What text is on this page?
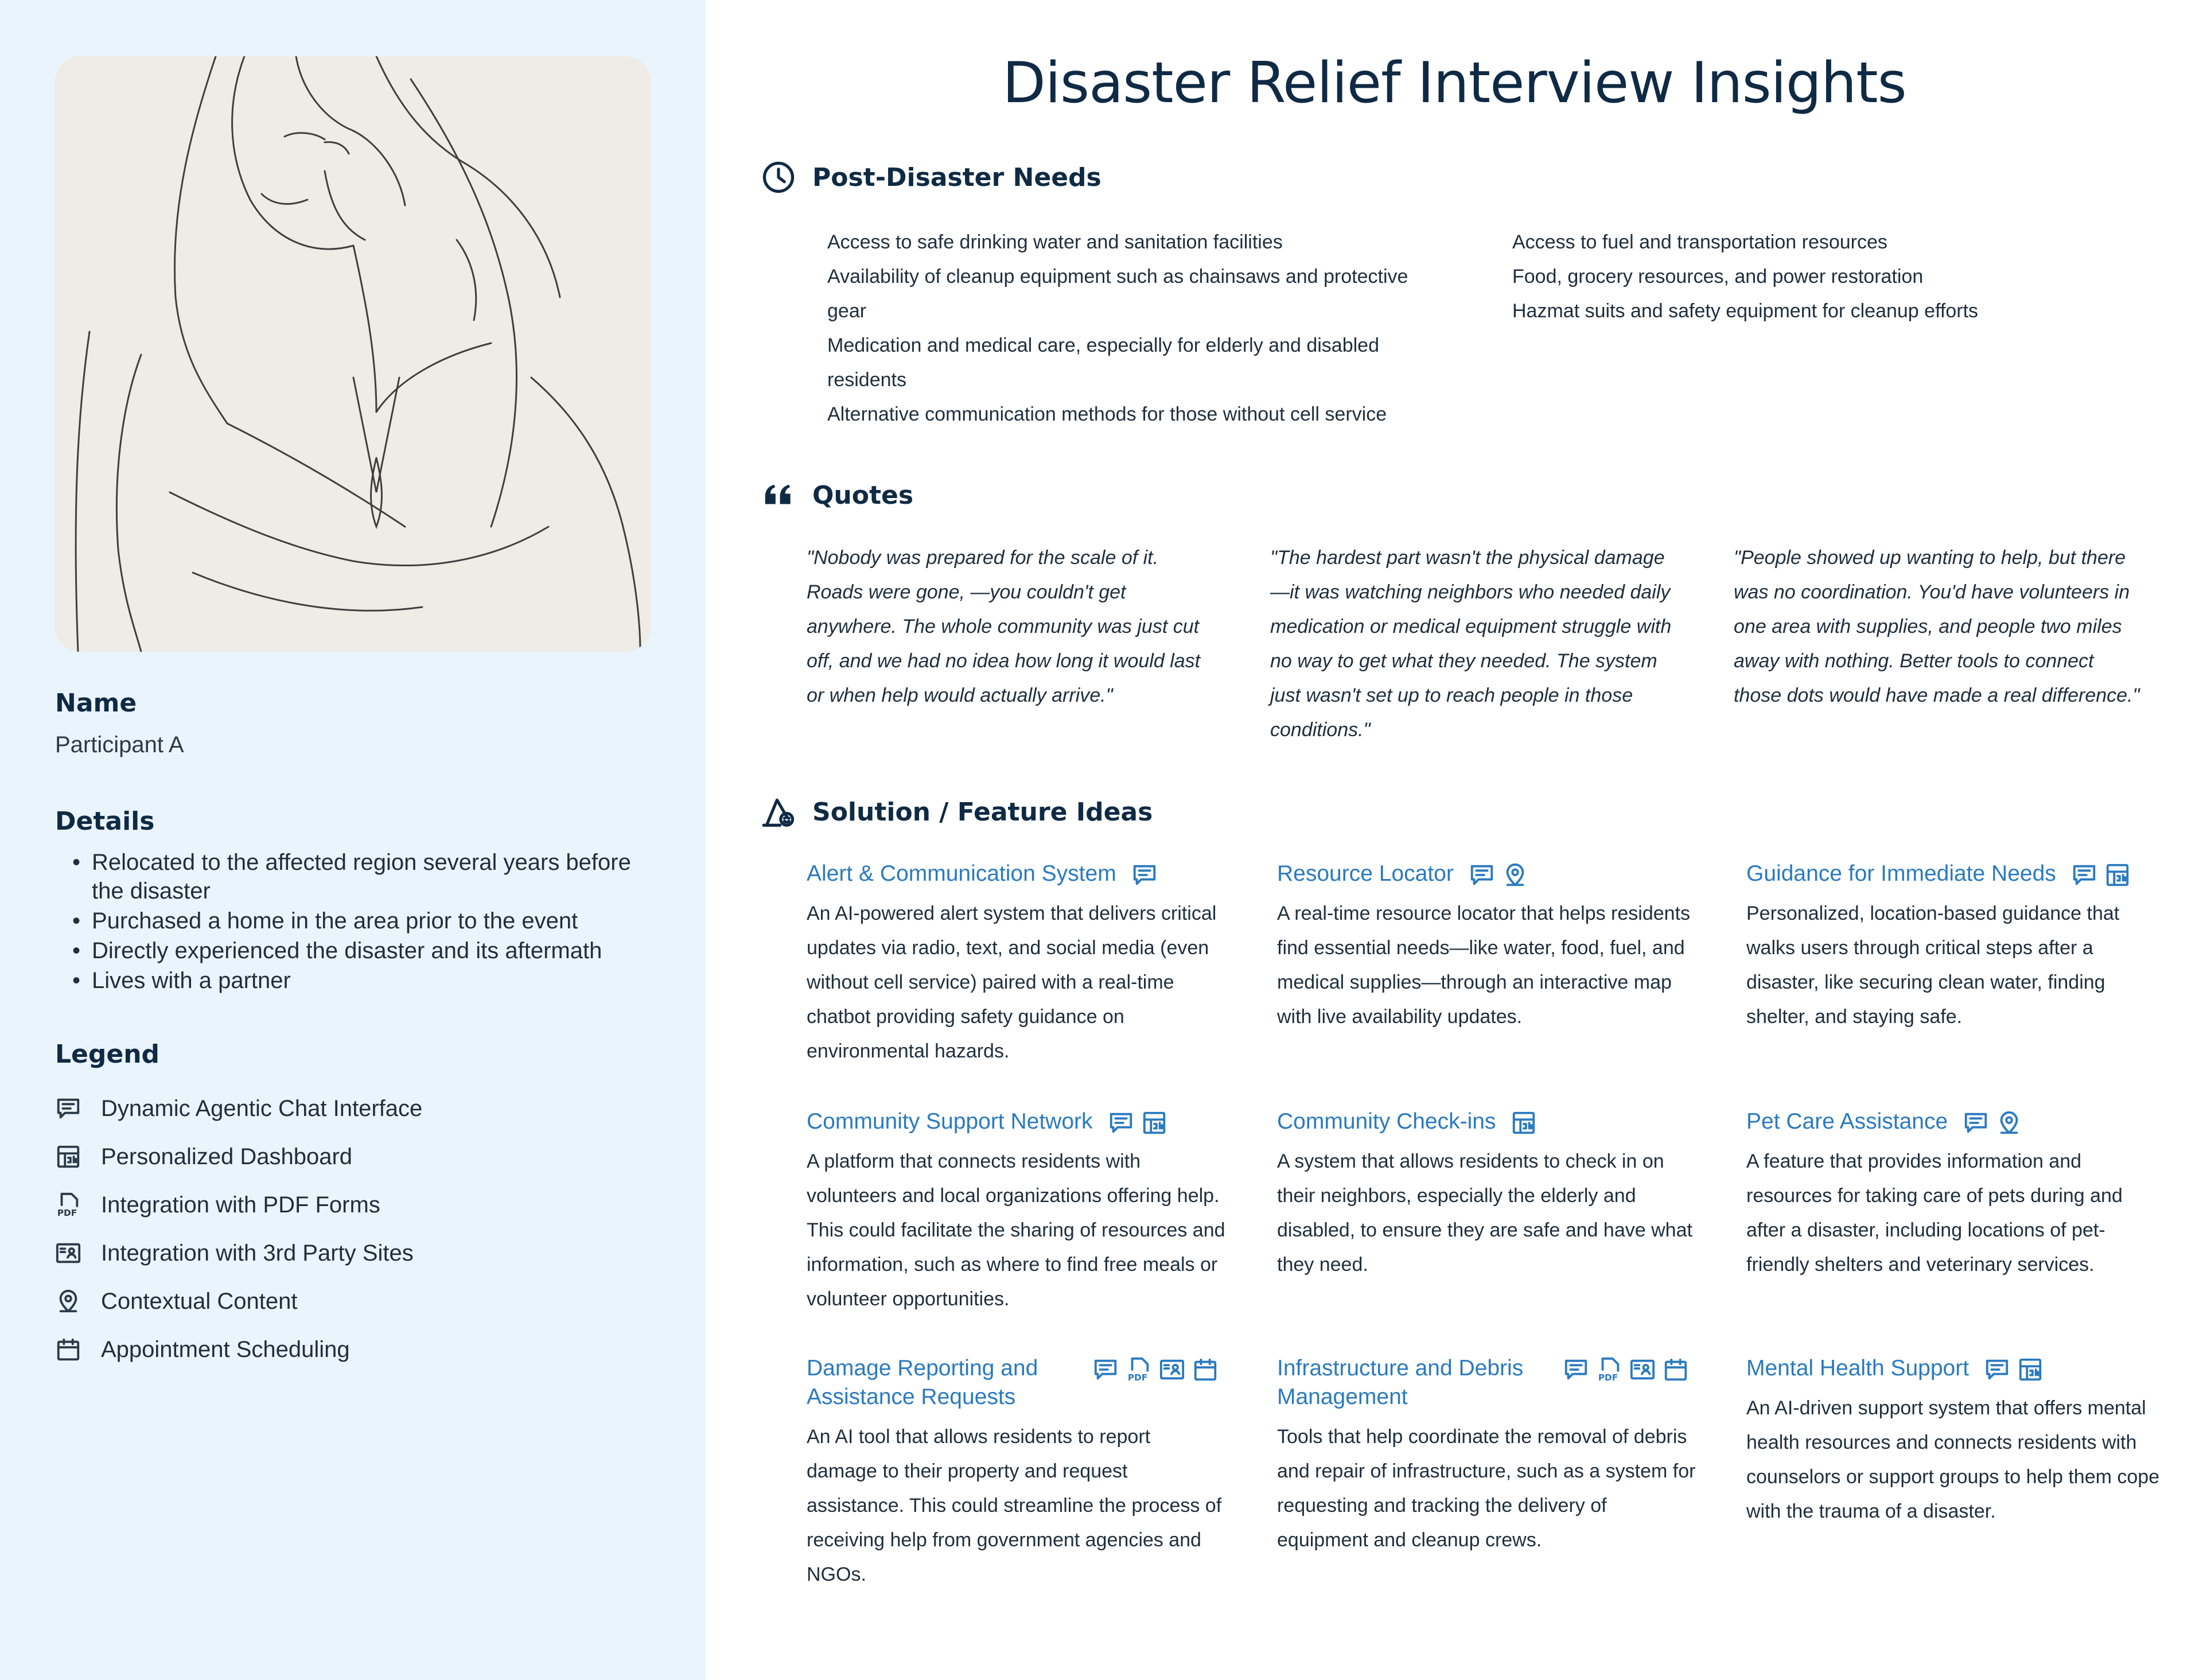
Name
Participant A
Details
• Relocated to the affected region several years before the disaster
• Purchased a home in the area prior to the event
• Directly experienced the disaster and its aftermath
• Lives with a partner
Legend
Dynamic Agentic Chat Interface
Personalized Dashboard
PDF Integration with PDF Forms
Integration with 3rd Party Sites
Contextual Content
Appointment Scheduling
Disaster Relief Interview Insights
Post-Disaster Needs
Access to safe drinking water and sanitation facilities
Availability of cleanup equipment such as chainsaws and protective gear
Medication and medical care, especially for elderly and disabled residents
Alternative communication methods for those without cell service
Access to fuel and transportation resources
Food, grocery resources, and power restoration
Hazmat suits and safety equipment for cleanup efforts
Quotes

"Nobody was prepared for the scale of it. Roads were gone, —you couldn't get anywhere. The whole community was just cut off, and we had no idea how long it would last or when help would actually arrive."

"The hardest part wasn't the physical damage—it was watching neighbors who needed daily medication or medical equipment struggle with no way to get what they needed. The system just wasn't set up to reach people in those conditions."

"People showed up wanting to help, but there was no coordination. You'd have volunteers in one area with supplies, and people two miles away with nothing. Better tools to connect those dots would have made a real difference."

Solution / Feature Ideas
Alert & Communication System

An AI-powered alert system that delivers critical updates via radio, text, and social media (even without cell service) paired with a real-time chatbot providing safety guidance on environmental hazards.

Resource Locator

A real-time resource locator that helps residents find essential needs—like water, food, fuel, and medical supplies—through an interactive map with live availability updates.

Guidance for Immediate Needs

Personalized, location-based guidance that walks users through critical steps after a disaster, like securing clean water, finding shelter, and staying safe.

Community Support Network

A platform that connects residents with volunteers and local organizations offering help. This could facilitate the sharing of resources and information, such as where to find free meals or volunteer opportunities.

Community Check-ins

A system that allows residents to check in on their neighbors, especially the elderly and disabled, to ensure they are safe and have what they need.

Pet Care Assistance

A feature that provides information and resources for taking care of pets during and after a disaster, including locations of pet-friendly shelters and veterinary services.

Damage Reporting and Assistance Requests
PDF

An AI tool that allows residents to report damage to their property and request assistance. This could streamline the process of receiving help from government agencies and NGOs.

Infrastructure and Debris Management
PDF

Tools that help coordinate the removal of debris and repair of infrastructure, such as a system for requesting and tracking the delivery of equipment and cleanup crews.

Mental Health Support

An AI-driven support system that offers mental health resources and connects residents with counselors or support groups to help them cope with the trauma of a disaster.
